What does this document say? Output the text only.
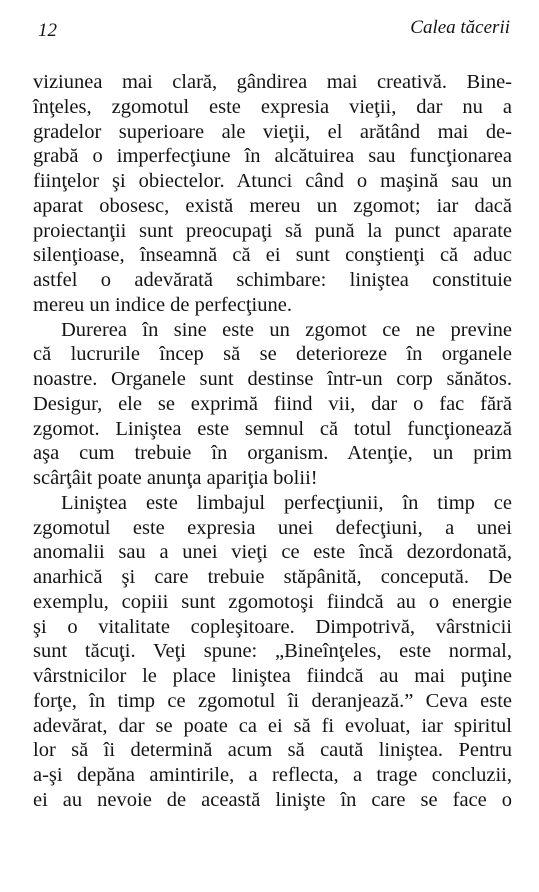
12	Calea tăcerii
viziunea mai clară, gândirea mai creativă. Bine-
înţeles, zgomotul este expresia vieţii, dar nu a
gradelor superioare ale vieţii, el arătând mai de-
grabă o imperfecţiune în alcătuirea sau funcţionarea
fiinţelor şi obiectelor. Atunci când o maşină sau un
aparat obosesc, există mereu un zgomot; iar dacă
proiectanţii sunt preocupaţi să pună la punct aparate
silenţioase, înseamnă că ei sunt conştienţi că aduc
astfel o adevărată schimbare: liniştea constituie
mereu un indice de perfecţiune.
Durerea în sine este un zgomot ce ne previne
că lucrurile încep să se deterioreze în organele
noastre. Organele sunt destinse într-un corp sănătos.
Desigur, ele se exprimă fiind vii, dar o fac fără
zgomot. Liniştea este semnul că totul funcţionează
aşa cum trebuie în organism. Atenţie, un prim
scârţâit poate anunţa apariţia bolii!
Liniştea este limbajul perfecţiunii, în timp ce
zgomotul este expresia unei defecţiuni, a unei
anomalii sau a unei vieţi ce este încă dezordonată,
anarhică şi care trebuie stăpânită, concepută. De
exemplu, copiii sunt zgomotoşi fiindcă au o energie
şi o vitalitate copleşitoare. Dimpotrivă, vârstnicii
sunt tăcuţi. Veţi spune: „Bineînţeles, este normal,
vârstnicilor le place liniştea fiindcă au mai puţine
forţe, în timp ce zgomotul îi deranjează.” Ceva este
adevărat, dar se poate ca ei să fi evoluat, iar spiritul
lor să îi determină acum să caută liniştea. Pentru
a-şi depăna amintirile, a reflecta, a trage concluzii,
ei au nevoie de această linişte în care se face o
